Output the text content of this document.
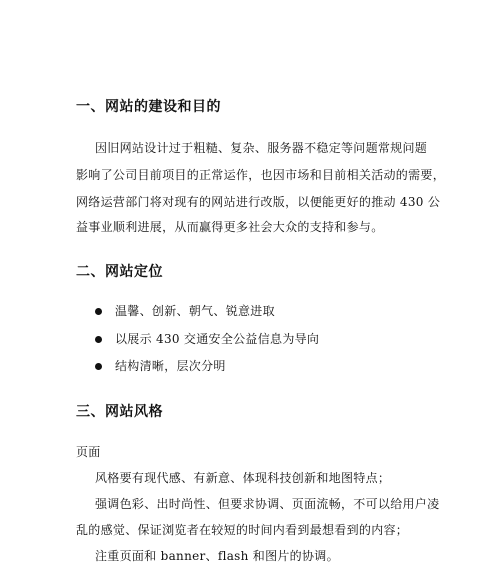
一、网站的建设和目的
因旧网站设计过于粗糙、复杂、服务器不稳定等问题常规问题
影响了公司目前项目的正常运作，也因市场和目前相关活动的需要，
网络运营部门将对现有的网站进行改版，以便能更好的推动 430 公
益事业顺利进展，从而赢得更多社会大众的支持和参与。
二、网站定位
温馨、创新、朝气、锐意进取
以展示 430 交通安全公益信息为导向
结构清晰，层次分明
三、网站风格
页面
风格要有现代感、有新意、体现科技创新和地图特点；
强调色彩、出时尚性、但要求协调、页面流畅，不可以给用户凌
乱的感觉、保证浏览者在较短的时间内看到最想看到的内容；
注重页面和 banner、flash 和图片的协调。
